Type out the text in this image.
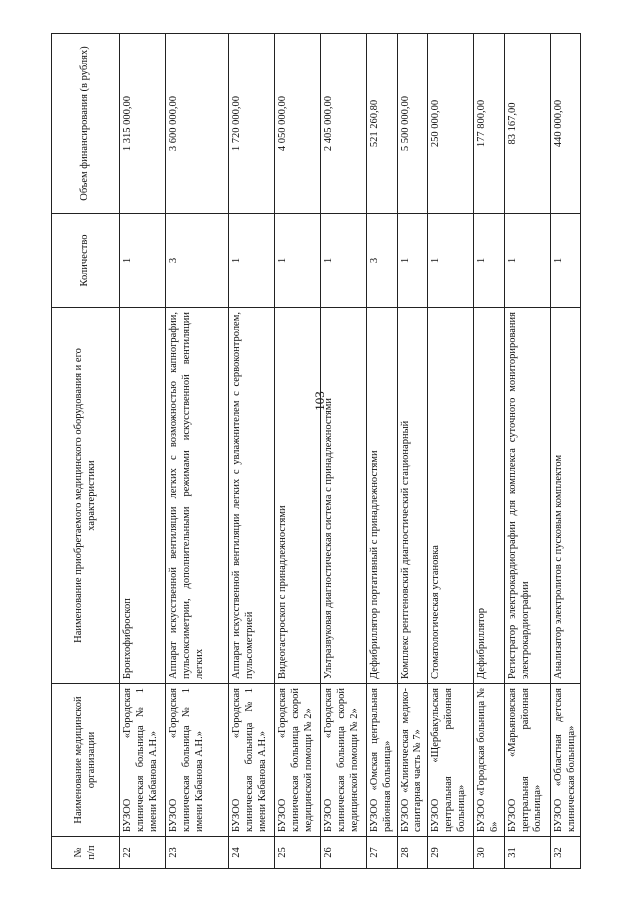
103
№
п/п	Наименование медицинской организации	Наименование приобретаемого медицинского оборудования и его характеристики	Количество	Объем финансирования (в рублях)
22	БУЗОО «Городская клиническая больница № 1 имени Кабанова А.Н.»	Бронхофиброскоп	1	1 315 000,00
23	БУЗОО «Городская клиническая больница № 1 имени Кабанова А.Н.»	Аппарат искусственной вентиляции легких с возможностью капнографии, пульсоксиметрии, дополнительными режимами искусственной вентиляции легких	3	3 600 000,00
24	БУЗОО «Городская клиническая больница №1 имени Кабанова А.Н.»	Аппарат искусственной вентиляции легких с увлажнителем с сервоконтролем, пульсометрией	1	1 720 000,00
25	БУЗОО «Городская клиническая больница скорой медицинской помощи № 2»	Видеогастроскоп с принадлежностями	1	4 050 000,00
26	БУЗОО «Городская клиническая больница скорой медицинской помощи № 2»	Ультразвуковая диагностическая система с принадлежностями	1	2 405 000,00
27	БУЗОО «Омская центральная районная больница»	Дефибриллятор портативный с принадлежностями	3	521 260,80
28	БУЗОО «Клиническая медико-санитарная часть № 7»	Комплекс рентгеновский диагностический стационарный	1	5 500 000,00
29	БУЗОО «Щербакульская центральная районная больница»	Стоматологическая установка	1	250 000,00
30	БУЗОО «Городская больница № 6»	Дефибриллятор	1	177 800,00
31	БУЗОО «Марьяновская центральная районная больница»	Регистратор электрокардиографии для комплекса суточного мониторирования электрокардиографии	1	83 167,00
32	БУЗОО «Областная детская клиническая больница»	Анализатор электролитов с пусковым комплектом	1	440 000,00
